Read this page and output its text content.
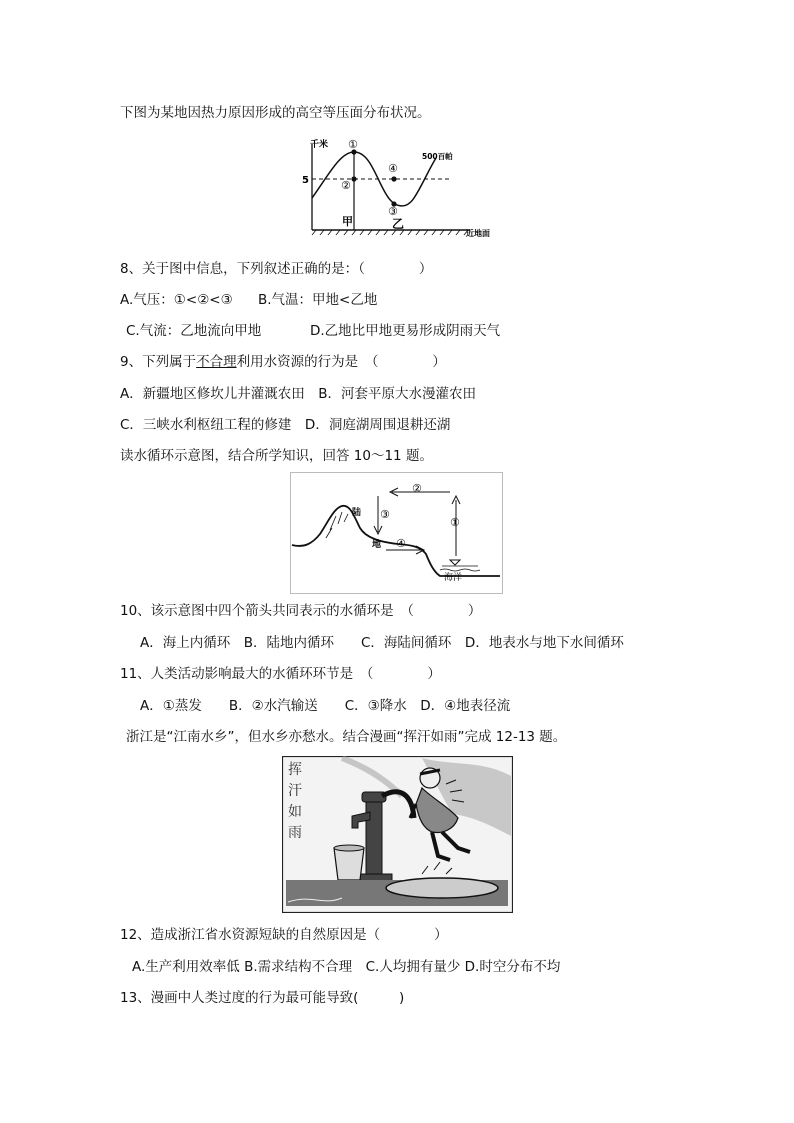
下图为某地因热力原因形成的高空等压面分布状况。
千米
5
500百帕
①
②
③
④
甲	乙
近地面
8、关于图中信息，下列叙述正确的是：（　　　　）
A.气压：①<②<③ B.气温：甲地<乙地
C.气流：乙地流向甲地	D.乙地比甲地更易形成阴雨天气
9、下列属于不合理利用水资源的行为是　（　　　　）
A．新疆地区修坎儿井灌溉农田　B．河套平原大水漫灌农田
C．三峡水利枢纽工程的修建　D．洞庭湖周围退耕还湖
读水循环示意图，结合所学知识，回答 10～11 题。
陆
地
海洋
①
②
③
④
10、该示意图中四个箭头共同表示的水循环是　（　　　　）
A．海上内循环　B．陆地内循环　　C．海陆间循环　D．地表水与地下水间循环
11、人类活动影响最大的水循环环节是　（　　　　）
A．①蒸发　　B．②水汽输送　　C．③降水　D．④地表径流
浙江是“江南水乡”，但水乡亦愁水。结合漫画“挥汗如雨”完成 12-13 题。
挥
汗
如
雨
12、造成浙江省水资源短缺的自然原因是（　　　　）
A.生产利用效率低 B.需求结构不合理　C.人均拥有量少 D.时空分布不均
13、漫画中人类过度的行为最可能导致(　　　)
